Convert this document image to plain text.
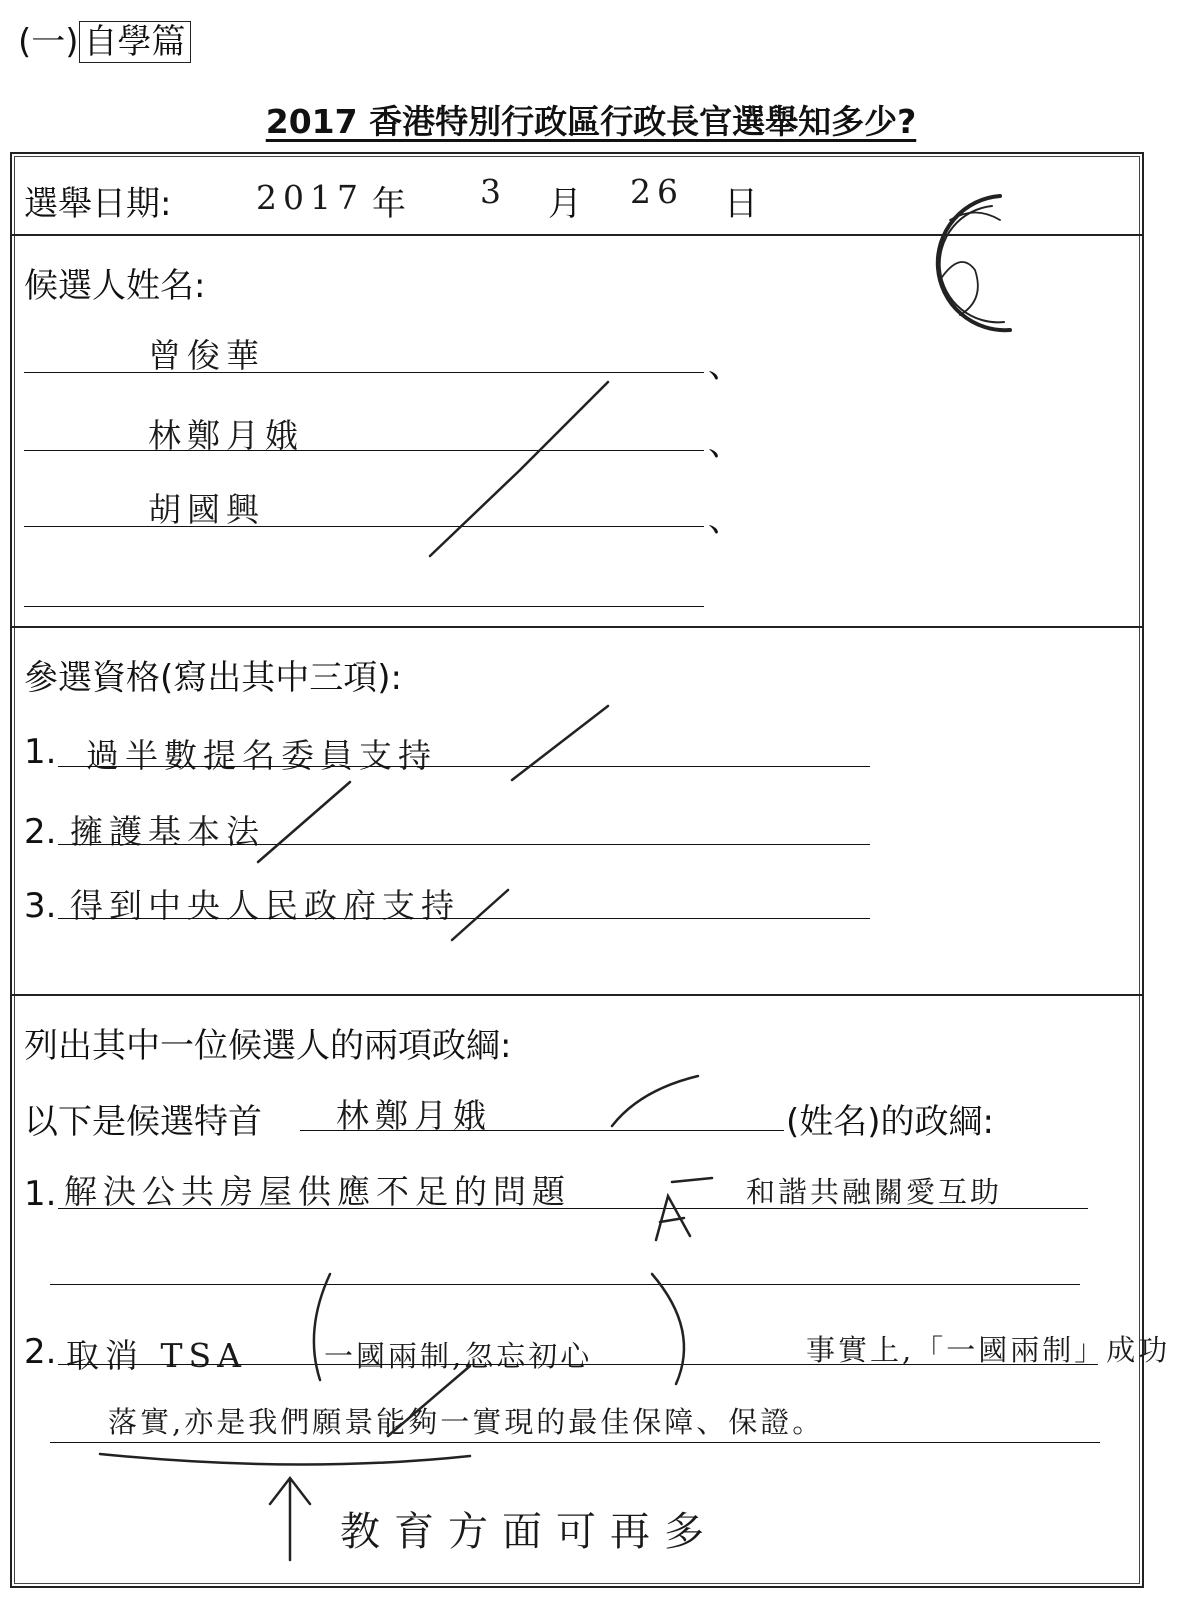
(一) 自學篇
2017 香港特別行政區行政長官選舉知多少?
選舉日期:	2017 年 3 月 26 日
候選人姓名:
曾俊華	、
林鄭月娥	、
胡國興	、
參選資格(寫出其中三項):
1. 過半數提名委員支持
2. 擁護基本法
3. 得到中央人民政府支持
列出其中一位候選人的兩項政綱:
以下是候選特首 林鄭月娥	(姓名)的政綱:
1. 解決公共房屋供應不足的問題	和諧共融關愛互助
2. 取消 TSA	一國兩制,忽忘初心	事實上,「一國兩制」成功
落實,亦是我們願景能夠一實現的最佳保障、保證。
教育方面可再多
